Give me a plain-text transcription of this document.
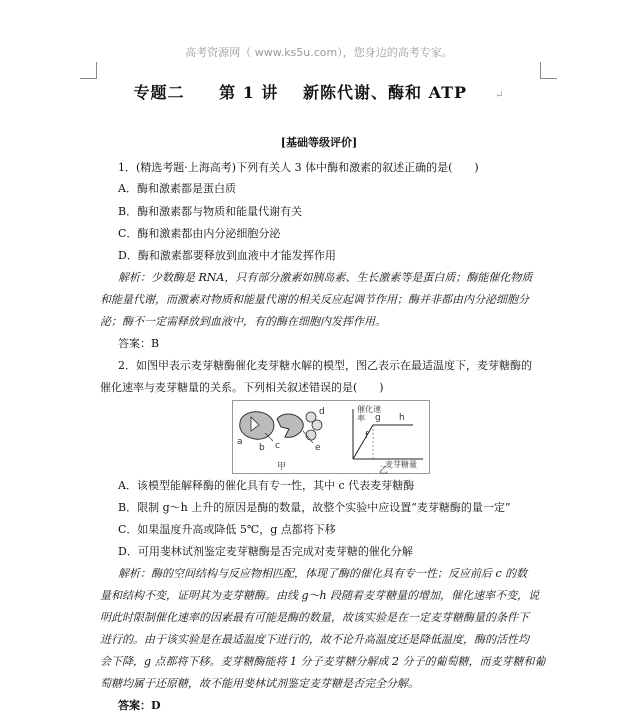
高考资源网（ www.ks5u.com），您身边的高考专家。
专题二 第 1 讲 新陈代谢、酶和 ATP	↵
[基础等级评价]
1．(精选考题·上海高考)下列有关人 3 体中酶和激素的叙述正确的是(　　)
A．酶和激素都是蛋白质
B．酶和激素都与物质和能量代谢有关
C．酶和激素都由内分泌细胞分泌
D．酶和激素都要释放到血液中才能发挥作用
解析：少数酶是 RNA，只有部分激素如胰岛素、生长激素等是蛋白质；酶能催化物质
和能量代谢，而激素对物质和能量代谢的相关反应起调节作用；酶并非都由内分泌细胞分
泌；酶不一定需释放到血液中，有的酶在细胞内发挥作用。
答案：B
2．如图甲表示麦芽糖酶催化麦芽糖水解的模型，图乙表示在最适温度下，麦芽糖酶的
催化速率与麦芽糖量的关系。下列相关叙述错误的是(　　)
d
a
b c	e
甲
催化速率
f
g h
麦芽糖量
乙
A．该模型能解释酶的催化具有专一性，其中 c 代表麦芽糖酶
B．限制 g～h 上升的原因是酶的数量，故整个实验中应设置“麦芽糖酶的量一定”
C．如果温度升高或降低 5℃，g 点都将下移
D．可用斐林试剂鉴定麦芽糖酶是否完成对麦芽糖的催化分解
解析：酶的空间结构与反应物相匹配，体现了酶的催化具有专一性；反应前后 c 的数
量和结构不变，证明其为麦芽糖酶。由线 g～h 段随着麦芽糖量的增加，催化速率不变，说
明此时限制催化速率的因素最有可能是酶的数量，故该实验是在一定麦芽糖酶量的条件下
进行的。由于该实验是在最适温度下进行的，故不论升高温度还是降低温度，酶的活性均
会下降，g 点都将下移。麦芽糖酶能将 1 分子麦芽糖分解成 2 分子的葡萄糖，而麦芽糖和葡
萄糖均属于还原糖，故不能用斐林试剂鉴定麦芽糖是否完全分解。
答案：D
